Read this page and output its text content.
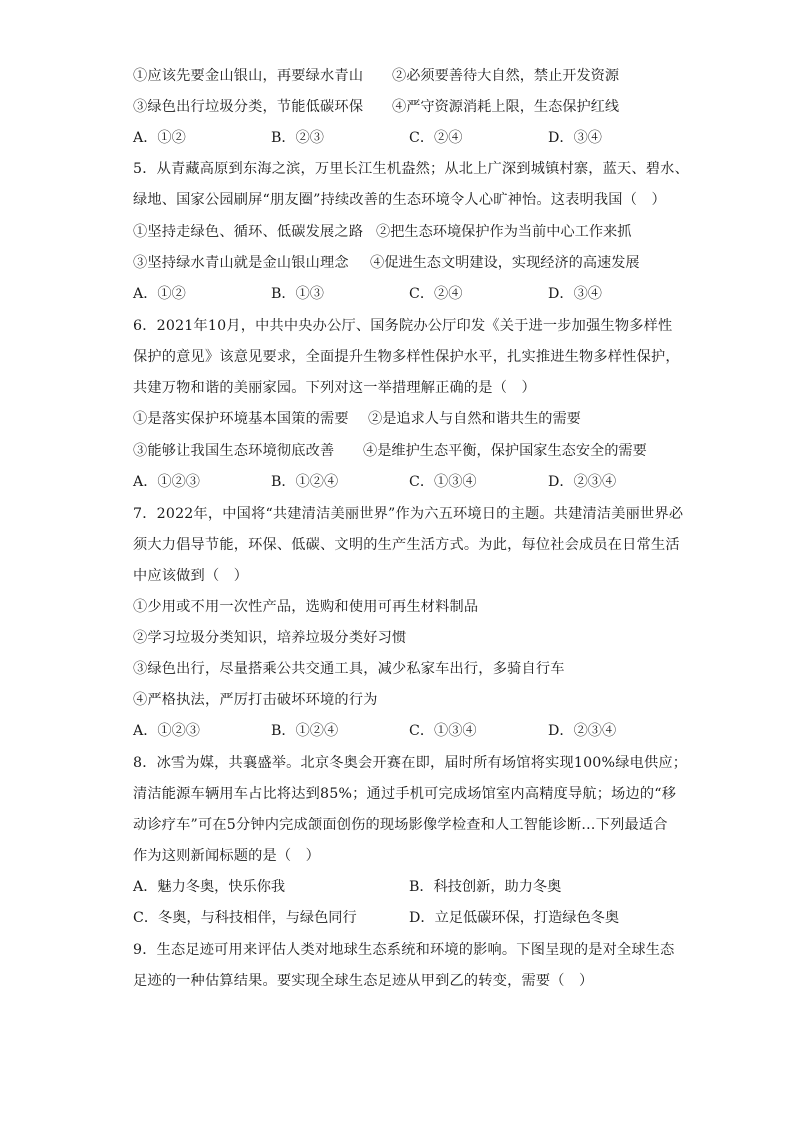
①应该先要金山银山，再要绿水青山 ②必须要善待大自然，禁止开发资源
③绿色出行垃圾分类，节能低碳环保 ④严守资源消耗上限，生态保护红线
A．①②	B．②③	C．②④	D．③④
5．从青藏高原到东海之滨，万里长江生机盎然；从北上广深到城镇村寨，蓝天、碧水、
绿地、国家公园刷屏“朋友圈”持续改善的生态环境令人心旷神怡。这表明我国（　）
①坚持走绿色、循环、低碳发展之路 ②把生态环境保护作为当前中心工作来抓
③坚持绿水青山就是金山银山理念 ④促进生态文明建设，实现经济的高速发展
A．①②	B．①③	C．②④	D．③④
6．2021年10月，中共中央办公厅、国务院办公厅印发《关于进一步加强生物多样性
保护的意见》该意见要求，全面提升生物多样性保护水平，扎实推进生物多样性保护，
共建万物和谐的美丽家园。下列对这一举措理解正确的是（　）
①是落实保护环境基本国策的需要 ②是追求人与自然和谐共生的需要
③能够让我国生态环境彻底改善 ④是维护生态平衡，保护国家生态安全的需要
A．①②③	B．①②④	C．①③④	D．②③④
7．2022年，中国将“共建清洁美丽世界”作为六五环境日的主题。共建清洁美丽世界必
须大力倡导节能，环保、低碳、文明的生产生活方式。为此，每位社会成员在日常生活
中应该做到（　）
①少用或不用一次性产品，选购和使用可再生材料制品
②学习垃圾分类知识，培养垃圾分类好习惯
③绿色出行，尽量搭乘公共交通工具，减少私家车出行，多骑自行车
④严格执法，严厉打击破坏环境的行为
A．①②③	B．①②④	C．①③④	D．②③④
8．冰雪为媒，共襄盛举。北京冬奥会开赛在即，届时所有场馆将实现100%绿电供应；
清洁能源车辆用车占比将达到85%；通过手机可完成场馆室内高精度导航；场边的“移
动诊疗车”可在5分钟内完成颌面创伤的现场影像学检查和人工智能诊断…下列最适合
作为这则新闻标题的是（　）
A．魅力冬奥，快乐你我	B．科技创新，助力冬奥
C．冬奥，与科技相伴，与绿色同行	D．立足低碳环保，打造绿色冬奥
9．生态足迹可用来评估人类对地球生态系统和环境的影响。下图呈现的是对全球生态
足迹的一种估算结果。要实现全球生态足迹从甲到乙的转变，需要（　）
